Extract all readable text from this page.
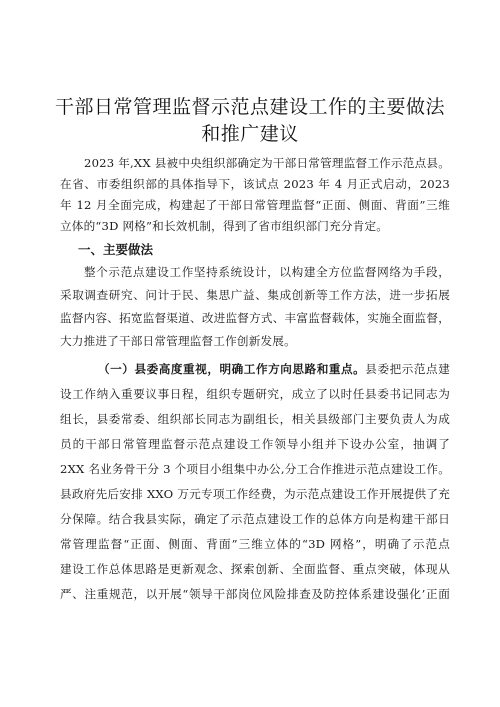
干部日常管理监督示范点建设工作的主要做法
和推广建议
2023 年,XX 县被中央组织部确定为干部日常管理监督工作示范点县。
在省、市委组织部的具体指导下，该试点 2023 年 4 月正式启动，2023
年 12 月全面完成，构建起了干部日常管理监督“正面、侧面、背面”三维
立体的“3D 网格”和长效机制，得到了省市组织部门充分肯定。
一、主要做法
整个示范点建设工作坚持系统设计，以构建全方位监督网络为手段，
采取调查研究、问计于民、集思广益、集成创新等工作方法，进一步拓展
监督内容、拓宽监督渠道、改进监督方式、丰富监督载体，实施全面监督，
大力推进了干部日常管理监督工作创新发展。
（一）县委高度重视，明确工作方向思路和重点。县委把示范点建
设工作纳入重要议事日程，组织专题研究，成立了以时任县委书记同志为
组长，县委常委、组织部长同志为副组长，相关县级部门主要负责人为成
员的干部日常管理监督示范点建设工作领导小组并下设办公室，抽调了
2XX 名业务骨干分 3 个项目小组集中办公,分工合作推进示范点建设工作。
县政府先后安排 XXO 万元专项工作经费，为示范点建设工作开展提供了充
分保障。结合我县实际，确定了示范点建设工作的总体方向是构建干部日
常管理监督“正面、侧面、背面”三维立体的“3D 网格”，明确了示范点
建设工作总体思路是更新观念、探索创新、全面监督、重点突破，体现从
严、注重规范，以开展“领导干部岗位风险排查及防控体系建设强化’正面
